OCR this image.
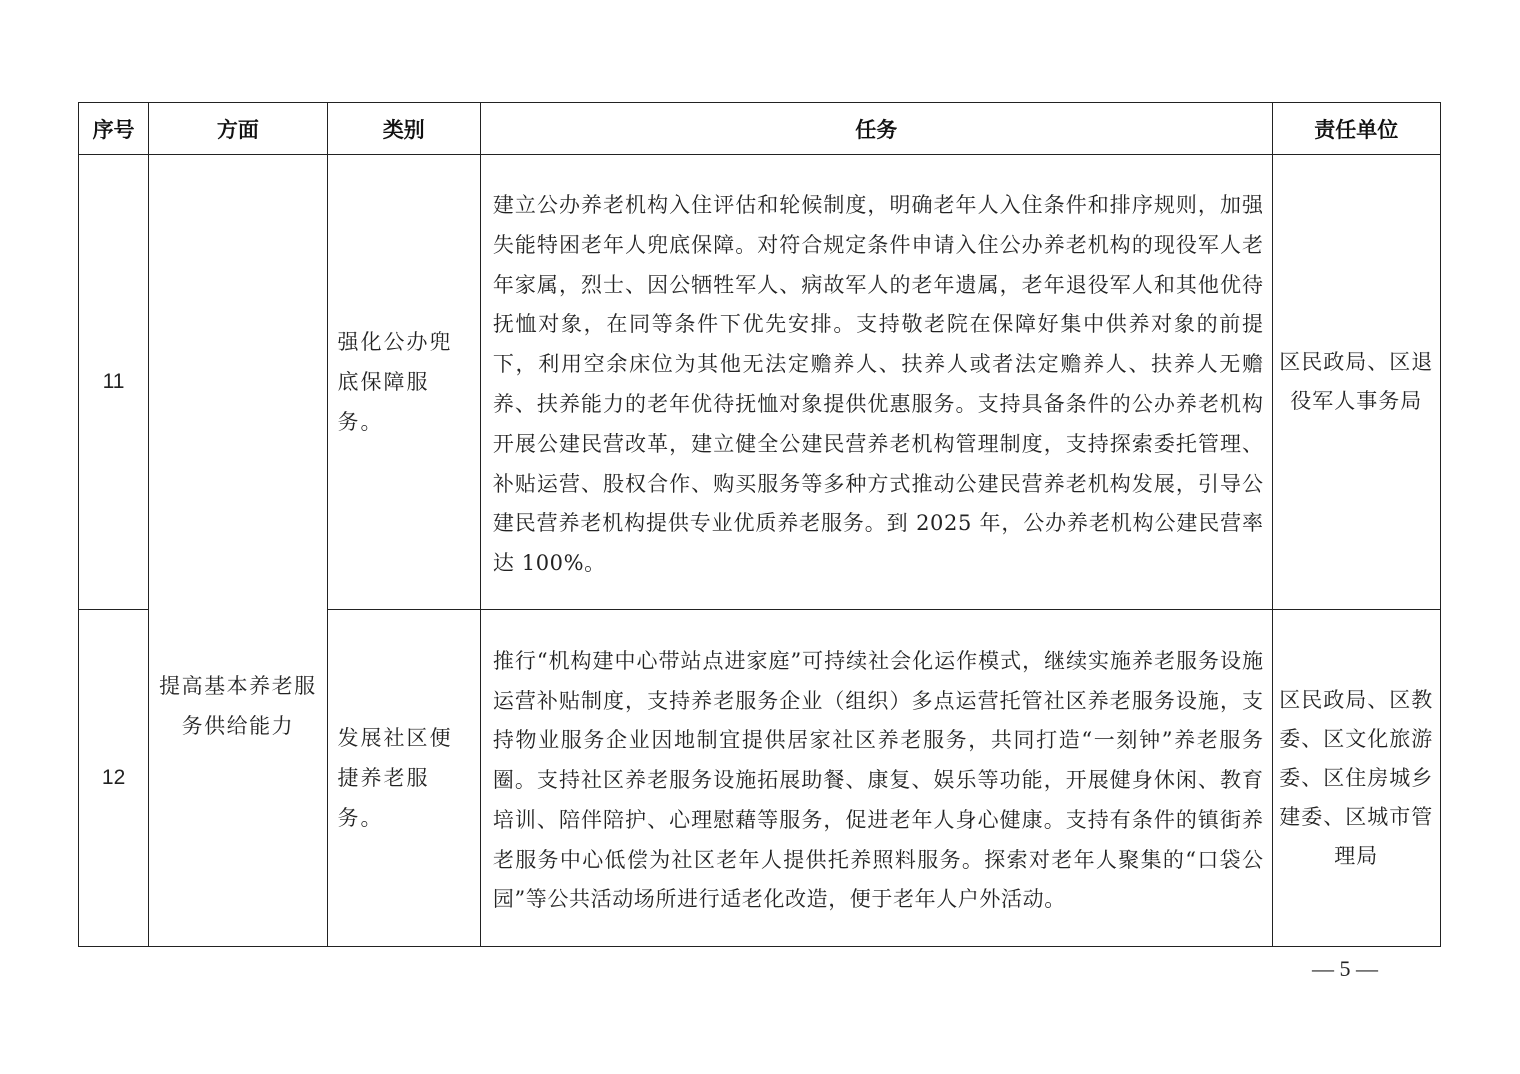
序号	方面	类别	任务	责任单位
11	提高基本养老服务供给能力	强化公办兜底保障服务。	建立公办养老机构入住评估和轮候制度，明确老年人入住条件和排序规则，加强失能特困老年人兜底保障。对符合规定条件申请入住公办养老机构的现役军人老年家属，烈士、因公牺牲军人、病故军人的老年遗属，老年退役军人和其他优待抚恤对象，在同等条件下优先安排。支持敬老院在保障好集中供养对象的前提下，利用空余床位为其他无法定赡养人、扶养人或者法定赡养人、扶养人无赡养、扶养能力的老年优待抚恤对象提供优惠服务。支持具备条件的公办养老机构开展公建民营改革，建立健全公建民营养老机构管理制度，支持探索委托管理、补贴运营、股权合作、购买服务等多种方式推动公建民营养老机构发展，引导公建民营养老机构提供专业优质养老服务。到 2025 年，公办养老机构公建民营率达 100%。	区民政局、区退役军人事务局
12		发展社区便捷养老服务。	推行“机构建中心带站点进家庭”可持续社会化运作模式，继续实施养老服务设施运营补贴制度，支持养老服务企业（组织）多点运营托管社区养老服务设施，支持物业服务企业因地制宜提供居家社区养老服务，共同打造“一刻钟”养老服务圈。支持社区养老服务设施拓展助餐、康复、娱乐等功能，开展健身休闲、教育培训、陪伴陪护、心理慰藉等服务，促进老年人身心健康。支持有条件的镇街养老服务中心低偿为社区老年人提供托养照料服务。探索对老年人聚集的“口袋公园”等公共活动场所进行适老化改造，便于老年人户外活动。	区民政局、区教委、区文化旅游委、区住房城乡建委、区城市管理局
— 5 —
